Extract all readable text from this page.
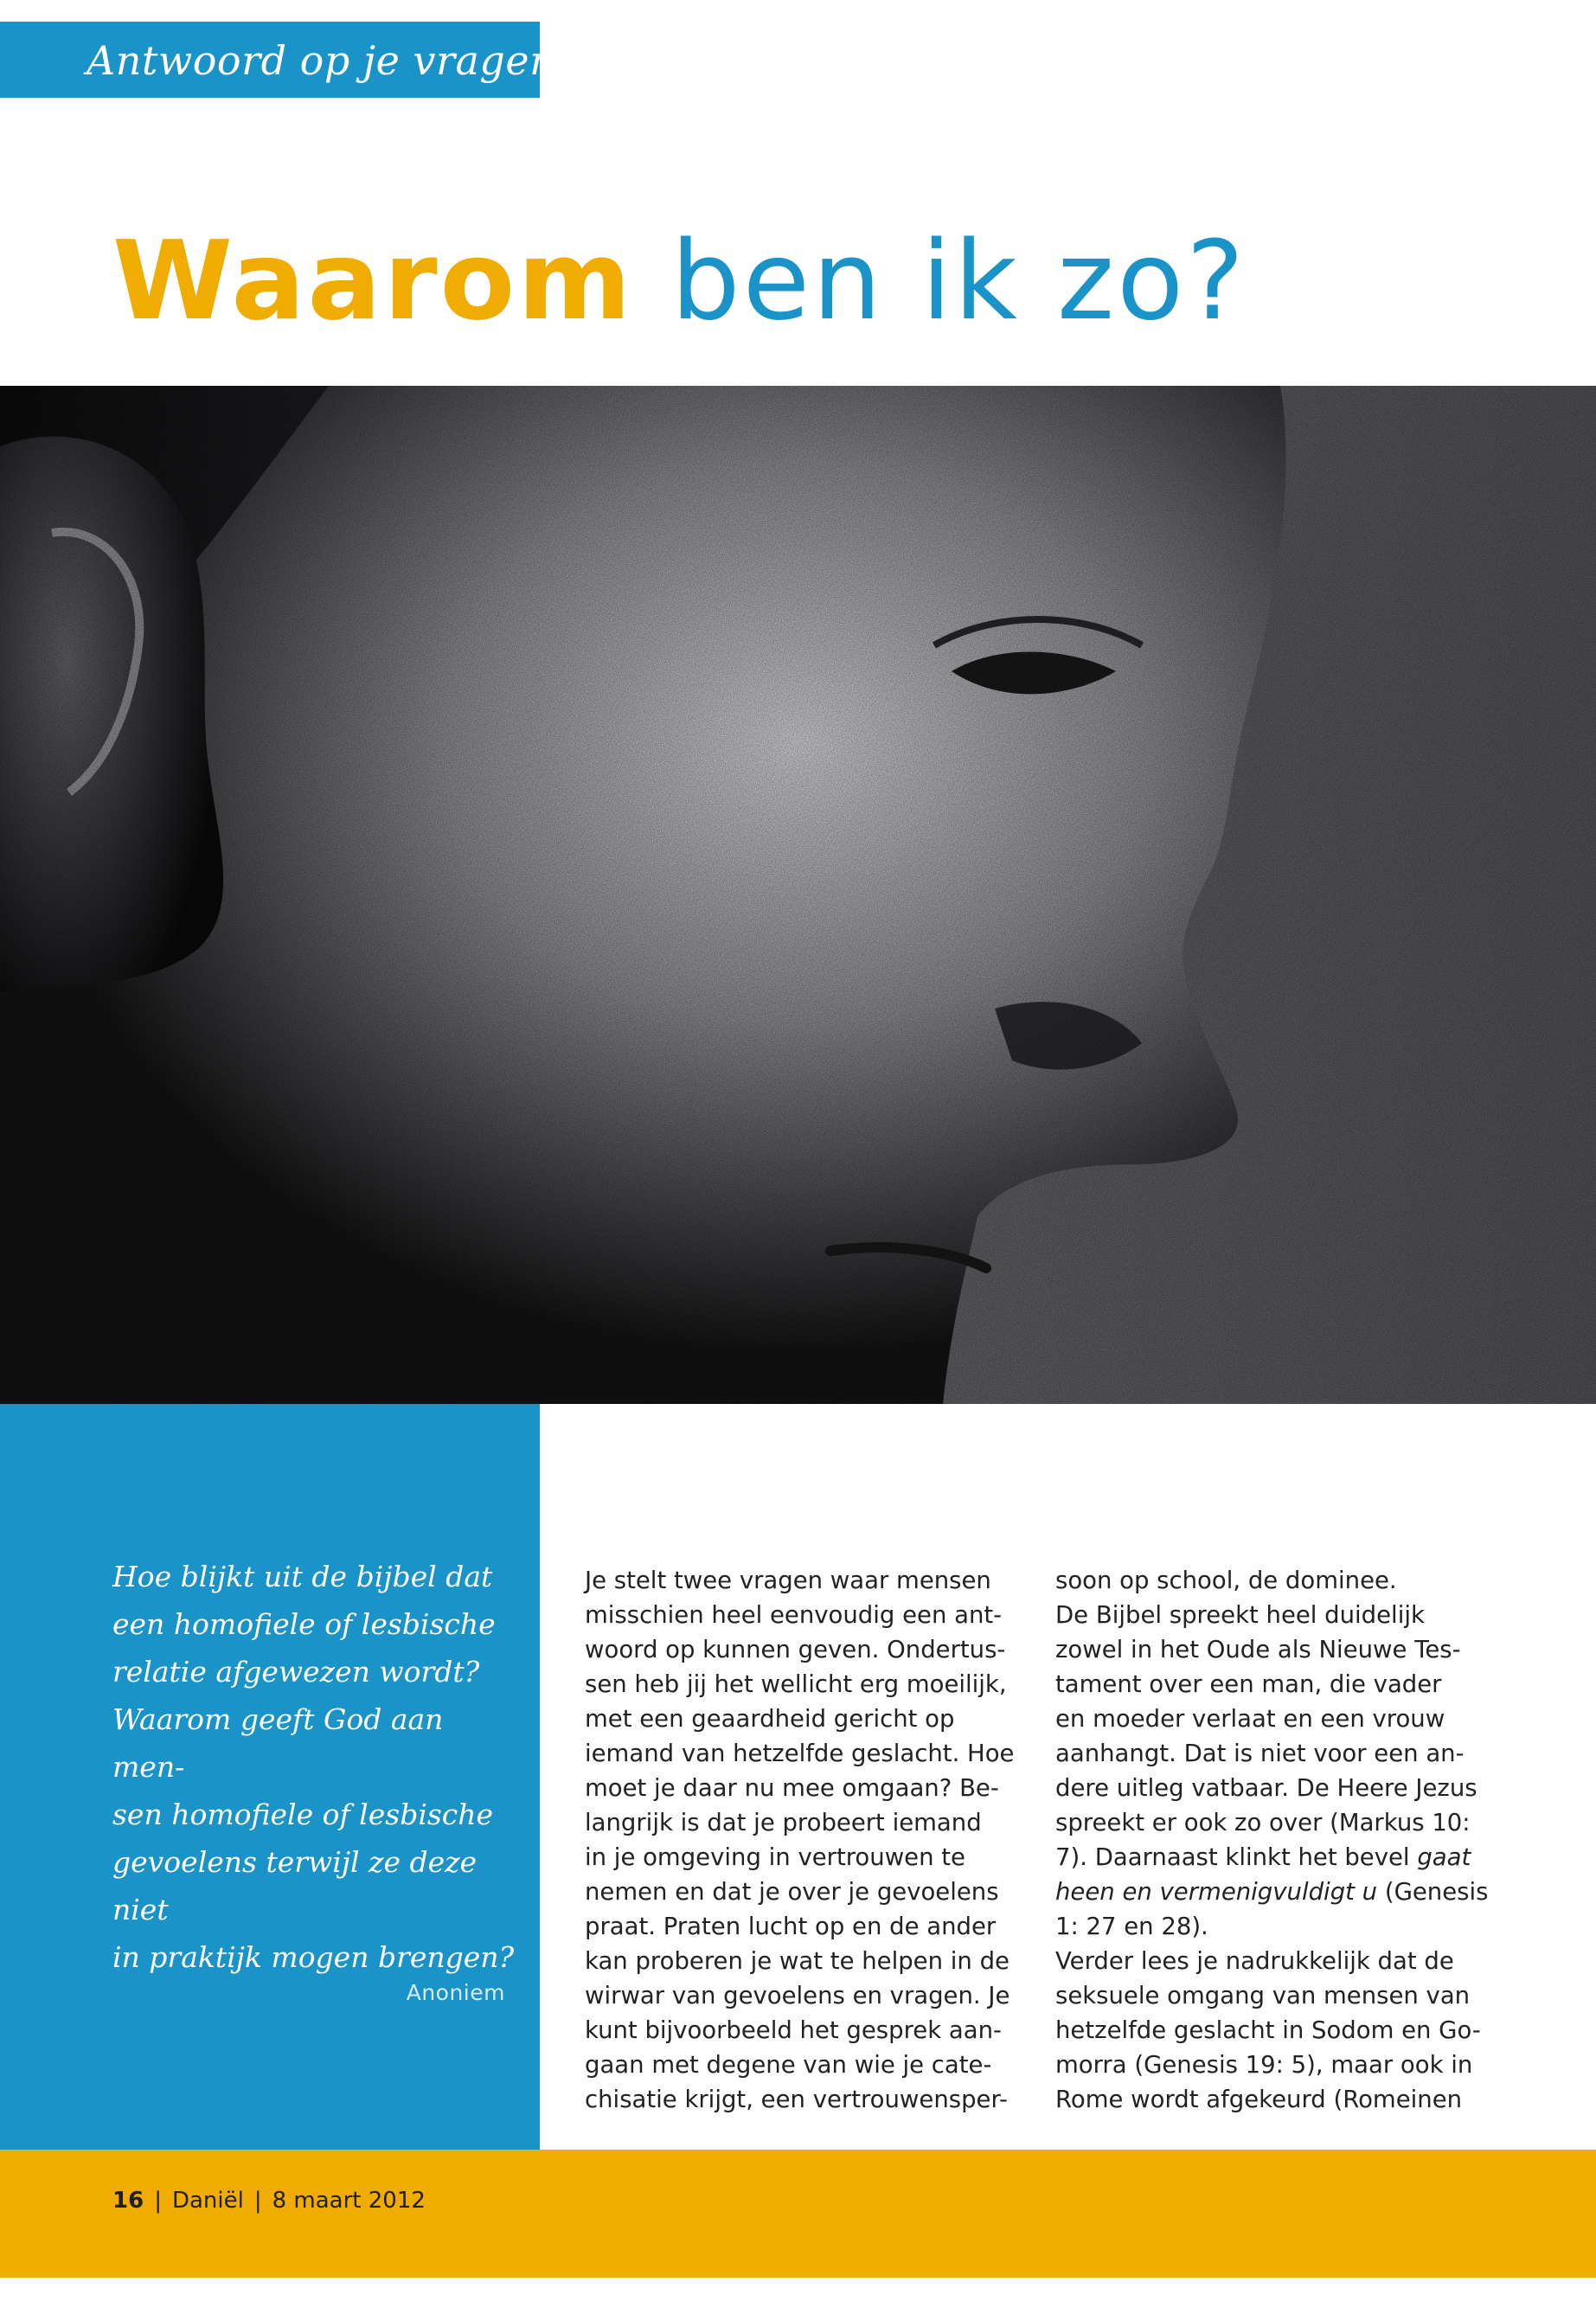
Antwoord op je vragen
Waarom ben ik zo?
Hoe blijkt uit de bijbel dat
een homofiele of lesbische
relatie afgewezen wordt?
Waarom geeft God aan men-
sen homofiele of lesbische
gevoelens terwijl ze deze niet
in praktijk mogen brengen?
Anoniem
Je stelt twee vragen waar mensen
misschien heel eenvoudig een ant-
woord op kunnen geven. Ondertus-
sen heb jij het wellicht erg moeilijk,
met een geaardheid gericht op
iemand van hetzelfde geslacht. Hoe
moet je daar nu mee omgaan? Be-
langrijk is dat je probeert iemand
in je omgeving in vertrouwen te
nemen en dat je over je gevoelens
praat. Praten lucht op en de ander
kan proberen je wat te helpen in de
wirwar van gevoelens en vragen. Je
kunt bijvoorbeeld het gesprek aan-
gaan met degene van wie je cate-
chisatie krijgt, een vertrouwensper-
soon op school, de dominee.
De Bijbel spreekt heel duidelijk
zowel in het Oude als Nieuwe Tes-
tament over een man, die vader
en moeder verlaat en een vrouw
aanhangt. Dat is niet voor een an-
dere uitleg vatbaar. De Heere Jezus
spreekt er ook zo over (Markus 10:
7). Daarnaast klinkt het bevel gaat
heen en vermenigvuldigt u (Genesis
1: 27 en 28).
Verder lees je nadrukkelijk dat de
seksuele omgang van mensen van
hetzelfde geslacht in Sodom en Go-
morra (Genesis 19: 5), maar ook in
Rome wordt afgekeurd (Romeinen
16 | Daniël | 8 maart 2012
